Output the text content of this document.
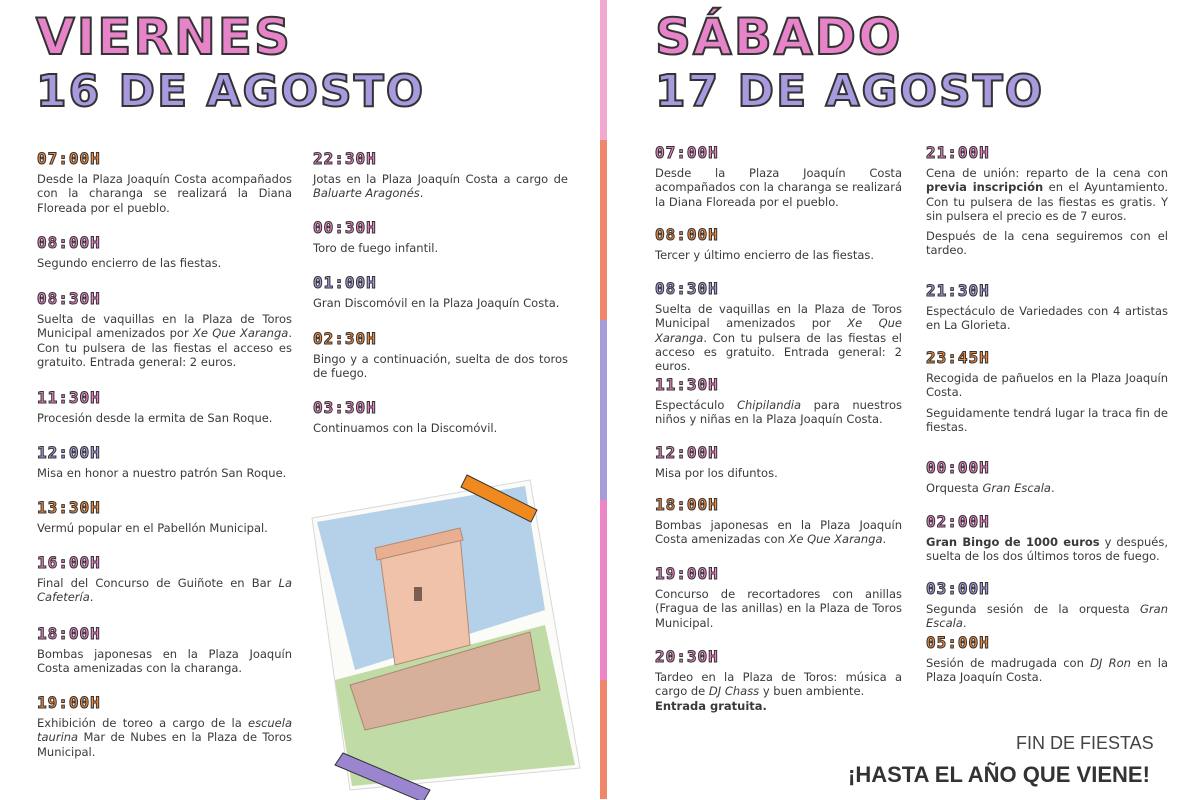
VIERNES
16 DE AGOSTO
SÁBADO
17 DE AGOSTO
07:00H
Desde la Plaza Joaquín Costa acompañados con la charanga se realizará la Diana Floreada por el pueblo.
08:00H
Segundo encierro de las fiestas.
08:30H
Suelta de vaquillas en la Plaza de Toros Municipal amenizados por Xe Que Xaranga. Con tu pulsera de las fiestas el acceso es gratuito. Entrada general: 2 euros.
11:30H
Procesión desde la ermita de San Roque.
12:00H
Misa en honor a nuestro patrón San Roque.
13:30H
Vermú popular en el Pabellón Municipal.
16:00H
Final del Concurso de Guiñote en Bar La Cafetería.
18:00H
Bombas japonesas en la Plaza Joaquín Costa amenizadas con la charanga.
19:00H
Exhibición de toreo a cargo de la escuela taurina Mar de Nubes en la Plaza de Toros Municipal.
22:30H
Jotas en la Plaza Joaquín Costa a cargo de Baluarte Aragonés.
00:30H
Toro de fuego infantil.
01:00H
Gran Discomóvil en la Plaza Joaquín Costa.
02:30H
Bingo y a continuación, suelta de dos toros de fuego.
03:30H
Continuamos con la Discomóvil.
07:00H
Desde la Plaza Joaquín Costa acompañados con la charanga se realizará la Diana Floreada por el pueblo.
08:00H
Tercer y último encierro de las fiestas.
08:30H
Suelta de vaquillas en la Plaza de Toros Municipal amenizados por Xe Que Xaranga. Con tu pulsera de las fiestas el acceso es gratuito. Entrada general: 2 euros.
11:30H
Espectáculo Chipilandia para nuestros niños y niñas en la Plaza Joaquín Costa.
12:00H
Misa por los difuntos.
18:00H
Bombas japonesas en la Plaza Joaquín Costa amenizadas con Xe Que Xaranga.
19:00H
Concurso de recortadores con anillas (Fragua de las anillas) en la Plaza de Toros Municipal.
20:30H
Tardeo en la Plaza de Toros: música a cargo de DJ Chass y buen ambiente.
Entrada gratuita.
21:00H
Cena de unión: reparto de la cena con previa inscripción en el Ayuntamiento. Con tu pulsera de las fiestas es gratis. Y sin pulsera el precio es de 7 euros.

Después de la cena seguiremos con el tardeo.
21:30H
Espectáculo de Variedades con 4 artistas en La Glorieta.
23:45H
Recogida de pañuelos en la Plaza Joaquín Costa.

Seguidamente tendrá lugar la traca fin de fiestas.
00:00H
Orquesta Gran Escala.
02:00H
Gran Bingo de 1000 euros y después, suelta de los dos últimos toros de fuego.
03:00H
Segunda sesión de la orquesta Gran Escala.
05:00H
Sesión de madrugada con DJ Ron en la Plaza Joaquín Costa.
FIN DE FIESTAS
¡HASTA EL AÑO QUE VIENE!
